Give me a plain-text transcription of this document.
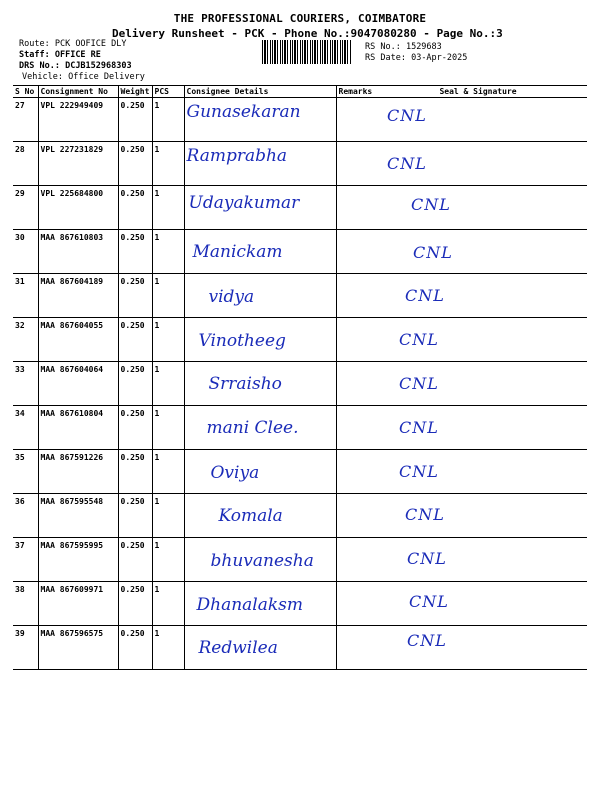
THE PROFESSIONAL COURIERS, COIMBATORE
Delivery Runsheet - PCK - Phone No.:9047080280 - Page No.:3
Route: PCK OOFICE DLY
Staff: OFFICE RE
DRS No.: DCJB152968303
Vehicle: Office Delivery
RS No.: 1529683
RS Date: 03-Apr-2025
S No	Consignment No	Weight	PCS	Consignee Details	Remarks	Seal & Signature
27	VPL 222949409	0.250	1	Gunasekaran		CNL

28	VPL 227231829	0.250	1	Ramprabha		CNL

29	VPL 225684800	0.250	1	Udayakumar		CNL

30	MAA 867610803	0.250	1	Manickam		CNL

31	MAA 867604189	0.250	1	vidya		CNL

32	MAA 867604055	0.250	1	Vinotheeg		CNL

33	MAA 867604064	0.250	1	Srraisho		CNL

34	MAA 867610804	0.250	1	mani Clee.		CNL

35	MAA 867591226	0.250	1	Oviya		CNL

36	MAA 867595548	0.250	1	Komala		CNL

37	MAA 867595995	0.250	1	bhuvanesha		CNL

38	MAA 867609971	0.250	1	Dhanalaksm		CNL

39	MAA 867596575	0.250	1	Redwilea		CNL
